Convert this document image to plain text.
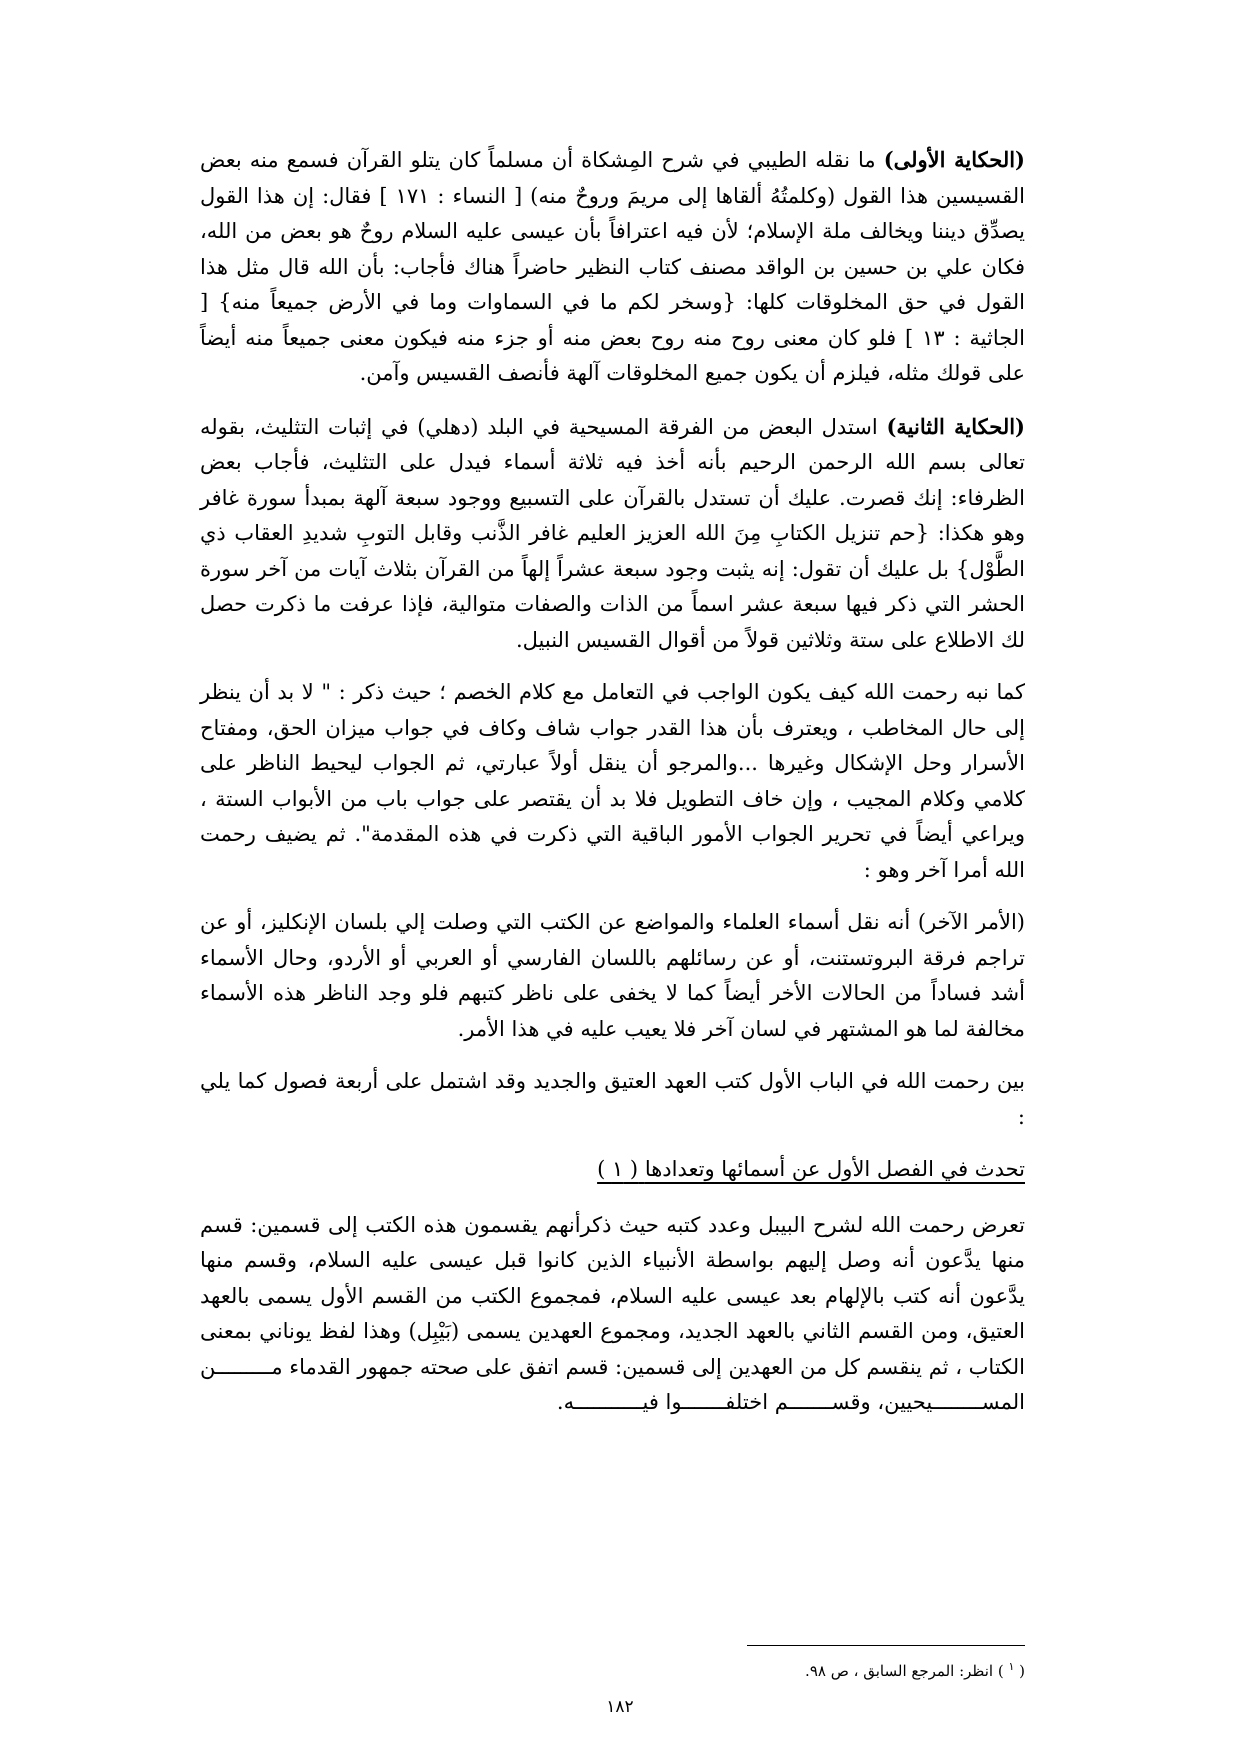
(الحكاية الأولى) ما نقله الطيبي في شرح المِشكاة أن مسلماً كان يتلو القرآن فسمع منه بعض القسيسين هذا القول (وكلمتُهُ ألقاها إلى مريمَ وروحٌ منه) [ النساء : ١٧١ ] فقال: إن هذا القول يصدِّق ديننا ويخالف ملة الإسلام؛ لأن فيه اعترافاً بأن عيسى عليه السلام روحٌ هو بعض من الله، فكان علي بن حسين بن الواقد مصنف كتاب النظير حاضراً هناك فأجاب: بأن الله قال مثل هذا القول في حق المخلوقات كلها: {وسخر لكم ما في السماوات وما في الأرض جميعاً منه} [ الجاثية : ١٣ ] فلو كان معنى روح منه روح بعض منه أو جزء منه فيكون معنى جميعاً منه أيضاً على قولك مثله، فيلزم أن يكون جميع المخلوقات آلهة فأنصف القسيس وآمن.

(الحكاية الثانية) استدل البعض من الفرقة المسيحية في البلد (دهلي) في إثبات التثليث، بقوله تعالى بسم الله الرحمن الرحيم بأنه أخذ فيه ثلاثة أسماء فيدل على التثليث، فأجاب بعض الظرفاء: إنك قصرت. عليك أن تستدل بالقرآن على التسبيع ووجود سبعة آلهة بمبدأ سورة غافر وهو هكذا: {حم تنزيل الكتابِ مِنَ الله العزيز العليم غافر الذَّنب وقابل التوبِ شديدِ العقاب ذي الطَّوْل} بل عليك أن تقول: إنه يثبت وجود سبعة عشراً إلهاً من القرآن بثلاث آيات من آخر سورة الحشر التي ذكر فيها سبعة عشر اسماً من الذات والصفات متوالية، فإذا عرفت ما ذكرت حصل لك الاطلاع على ستة وثلاثين قولاً من أقوال القسيس النبيل.

كما نبه رحمت الله كيف يكون الواجب في التعامل مع كلام الخصم ؛ حيث ذكر : " لا بد أن ينظر إلى حال المخاطب ، ويعترف بأن هذا القدر جواب شاف وكاف في جواب ميزان الحق، ومفتاح الأسرار وحل الإشكال وغيرها ...والمرجو أن ينقل أولاً عبارتي، ثم الجواب ليحيط الناظر على كلامي وكلام المجيب ، وإن خاف التطويل فلا بد أن يقتصر على جواب باب من الأبواب الستة ، ويراعي أيضاً في تحرير الجواب الأمور الباقية التي ذكرت في هذه المقدمة". ثم يضيف رحمت الله أمرا آخر وهو :

(الأمر الآخر) أنه نقل أسماء العلماء والمواضع عن الكتب التي وصلت إلي بلسان الإنكليز، أو عن تراجم فرقة البروتستنت، أو عن رسائلهم باللسان الفارسي أو العربي أو الأردو، وحال الأسماء أشد فساداً من الحالات الأخر أيضاً كما لا يخفى على ناظر كتبهم فلو وجد الناظر هذه الأسماء مخالفة لما هو المشتهر في لسان آخر فلا يعيب عليه في هذا الأمر.

بين رحمت الله في الباب الأول كتب العهد العتيق والجديد وقد اشتمل على أربعة فصول كما يلي :

تحدث في الفصل الأول عن أسمائها وتعدادها ( ١ )

تعرض رحمت الله لشرح البيبل وعدد كتبه حيث ذكرأنهم يقسمون هذه الكتب إلى قسمين: قسم منها يدَّعون أنه وصل إليهم بواسطة الأنبياء الذين كانوا قبل عيسى عليه السلام، وقسم منها يدَّعون أنه كتب بالإلهام بعد عيسى عليه السلام، فمجموع الكتب من القسم الأول يسمى بالعهد العتيق، ومن القسم الثاني بالعهد الجديد، ومجموع العهدين يسمى (بَيْبِل) وهذا لفظ يوناني بمعنى الكتاب ، ثم ينقسم كل من العهدين إلى قسمين: قسم اتفق على صحته جمهور القدماء مـــــــــن المســــــــيحيين، وقســـــــم اختلفـــــــوا فيـــــــــــه.

( $^١$ ) انظر: المرجع السابق ، ص ٩٨.
١٨٢
